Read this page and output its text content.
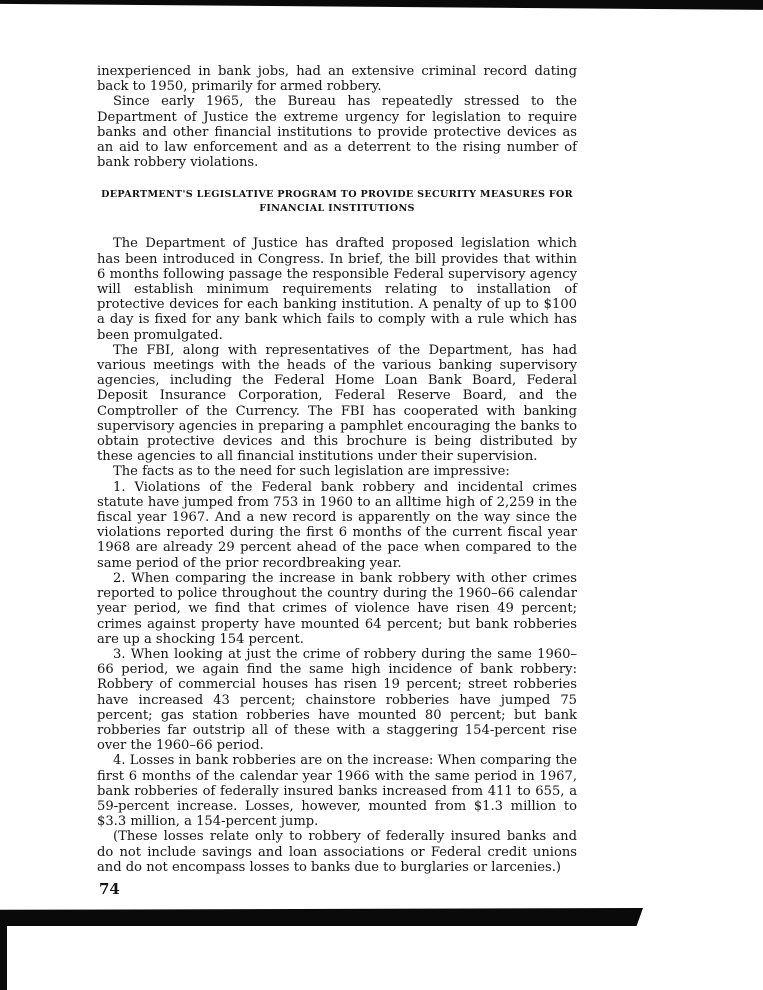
inexperienced in bank jobs, had an extensive criminal record dating back to 1950, primarily for armed robbery.

Since early 1965, the Bureau has repeatedly stressed to the Department of Justice the extreme urgency for legislation to require banks and other financial institutions to provide protective devices as an aid to law enforcement and as a deterrent to the rising number of bank robbery violations.

DEPARTMENT'S LEGISLATIVE PROGRAM TO PROVIDE SECURITY MEASURES FOR
FINANCIAL INSTITUTIONS

The Department of Justice has drafted proposed legislation which has been introduced in Congress. In brief, the bill provides that within 6 months following passage the responsible Federal supervisory agency will establish minimum requirements relating to installation of protective devices for each banking institution. A penalty of up to $100 a day is fixed for any bank which fails to comply with a rule which has been promulgated.

The FBI, along with representatives of the Department, has had various meetings with the heads of the various banking supervisory agencies, including the Federal Home Loan Bank Board, Federal Deposit Insurance Corporation, Federal Reserve Board, and the Comptroller of the Currency. The FBI has cooperated with banking supervisory agencies in preparing a pamphlet encouraging the banks to obtain protective devices and this brochure is being distributed by these agencies to all financial institutions under their supervision.

The facts as to the need for such legislation are impressive:

1. Violations of the Federal bank robbery and incidental crimes statute have jumped from 753 in 1960 to an alltime high of 2,259 in the fiscal year 1967. And a new record is apparently on the way since the violations reported during the first 6 months of the current fiscal year 1968 are already 29 percent ahead of the pace when compared to the same period of the prior recordbreaking year.

2. When comparing the increase in bank robbery with other crimes reported to police throughout the country during the 1960–66 calendar year period, we find that crimes of violence have risen 49 percent; crimes against property have mounted 64 percent; but bank robberies are up a shocking 154 percent.

3. When looking at just the crime of robbery during the same 1960–66 period, we again find the same high incidence of bank robbery: Robbery of commercial houses has risen 19 percent; street robberies have increased 43 percent; chainstore robberies have jumped 75 percent; gas station robberies have mounted 80 percent; but bank robberies far outstrip all of these with a staggering 154-percent rise over the 1960–66 period.

4. Losses in bank robberies are on the increase: When comparing the first 6 months of the calendar year 1966 with the same period in 1967, bank robberies of federally insured banks increased from 411 to 655, a 59-percent increase. Losses, however, mounted from $1.3 million to $3.3 million, a 154-percent jump.

(These losses relate only to robbery of federally insured banks and do not include savings and loan associations or Federal credit unions and do not encompass losses to banks due to burglaries or larcenies.)

74
